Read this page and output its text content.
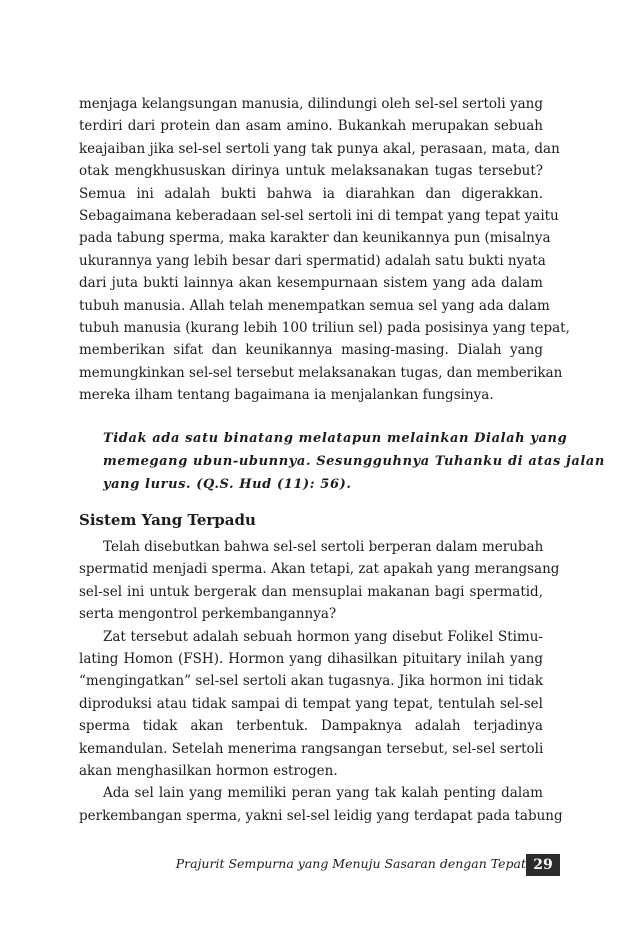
menjaga kelangsungan manusia, dilindungi oleh sel-sel sertoli yang
terdiri dari protein dan asam amino. Bukankah merupakan sebuah
keajaiban jika sel-sel sertoli yang tak punya akal, perasaan, mata, dan
otak mengkhususkan dirinya untuk melaksanakan tugas tersebut?
Semua ini adalah bukti bahwa ia diarahkan dan digerakkan.
Sebagaimana keberadaan sel-sel sertoli ini di tempat yang tepat yaitu
pada tabung sperma, maka karakter dan keunikannya pun (misalnya
ukurannya yang lebih besar dari spermatid) adalah satu bukti nyata
dari juta bukti lainnya akan kesempurnaan sistem yang ada dalam
tubuh manusia. Allah telah menempatkan semua sel yang ada dalam
tubuh manusia (kurang lebih 100 triliun sel) pada posisinya yang tepat,
memberikan sifat dan keunikannya masing-masing. Dialah yang
memungkinkan sel-sel tersebut melaksanakan tugas, dan memberikan
mereka ilham tentang bagaimana ia menjalankan fungsinya.
Tidak ada satu binatang melatapun melainkan Dialah yang
memegang ubun-ubunnya. Sesungguhnya Tuhanku di atas jalan
yang lurus. (Q.S. Hud (11): 56).
Sistem Yang Terpadu
Telah disebutkan bahwa sel-sel sertoli berperan dalam merubah
spermatid menjadi sperma. Akan tetapi, zat apakah yang merangsang
sel-sel ini untuk bergerak dan mensuplai makanan bagi spermatid,
serta mengontrol perkembangannya?
Zat tersebut adalah sebuah hormon yang disebut Folikel Stimu-
lating Homon (FSH). Hormon yang dihasilkan pituitary inilah yang
“mengingatkan” sel-sel sertoli akan tugasnya. Jika hormon ini tidak
diproduksi atau tidak sampai di tempat yang tepat, tentulah sel-sel
sperma tidak akan terbentuk. Dampaknya adalah terjadinya
kemandulan. Setelah menerima rangsangan tersebut, sel-sel sertoli
akan menghasilkan hormon estrogen.
Ada sel lain yang memiliki peran yang tak kalah penting dalam
perkembangan sperma, yakni sel-sel leidig yang terdapat pada tabung
Prajurit Sempurna yang Menuju Sasaran dengan Tepat 29
